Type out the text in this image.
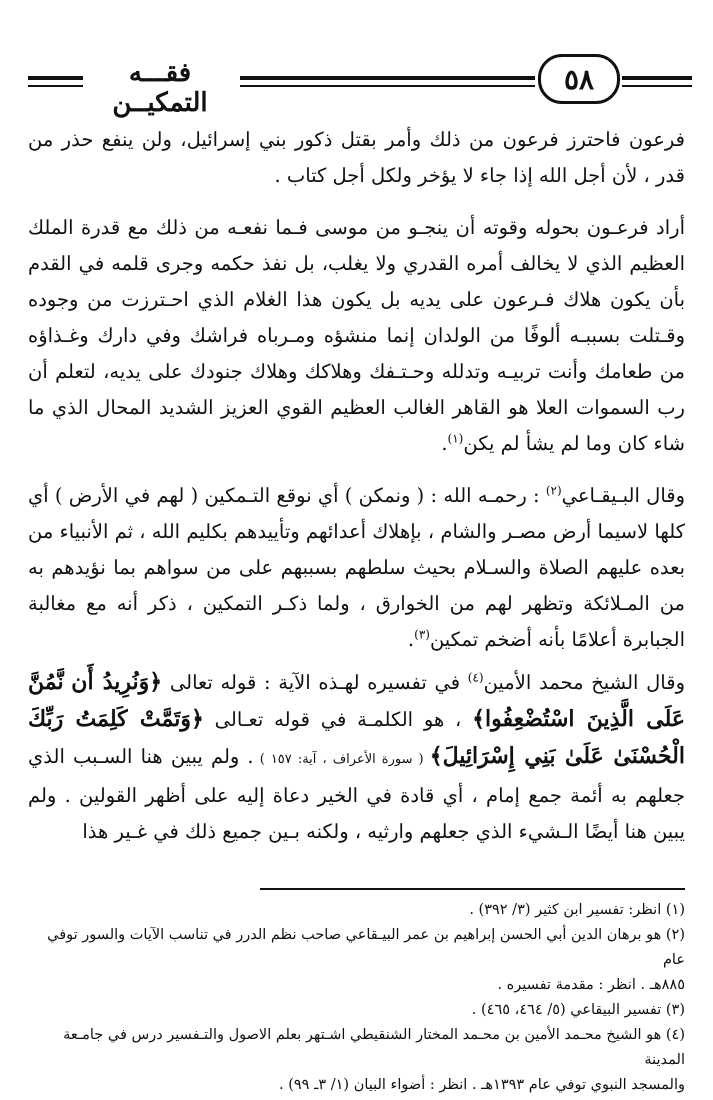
٥٨
فقـــه التمكيــن

فرعون فاحترز فرعون من ذلك وأمر بقتل ذكور بني إسرائيل، ولن ينفع حذر من قدر ، لأن أجل الله إذا جاء لا يؤخر ولكل أجل كتاب .

أراد فرعـون بحوله وقوته أن ينجـو من موسى فـما نفعـه من ذلك مع قدرة الملك العظيم الذي لا يخالف أمره القدري ولا يغلب، بل نفذ حكمه وجرى قلمه في القدم بأن يكون هلاك فـرعون على يديه بل يكون هذا الغلام الذي احـترزت من وجوده وقـتلت بسببـه ألوفًا من الولدان إنما منشؤه ومـرباه فراشك وفي دارك وغـذاؤه من طعامك وأنت تربيـه وتدلله وحـتـفك وهلاكك وهلاك جنودك على يديه، لتعلم أن رب السموات العلا هو القاهر الغالب العظيم القوي العزيز الشديد المحال الذي ما شاء كان وما لم يشأ لم يكن$^{(١)}$.

وقال البـيقـاعي$^{(٢)}$ : رحمـه الله : ( ونمكن ) أي نوقع التـمكين ( لهم في الأرض ) أي كلها لاسيما أرض مصـر والشام ، بإهلاك أعدائهم وتأييدهم بكليم الله ، ثم الأنبياء من بعده عليهم الصلاة والسـلام بحيث سلطهم بسببهم على من سواهم بما نؤيدهم به من المـلائكة وتظهر لهم من الخوارق ، ولما ذكـر التمكين ، ذكر أنه مع مغالبة الجبابرة أعلامًا بأنه أضخم تمكين$^{(٣)}$.

وقال الشيخ محمد الأمين$^{(٤)}$ في تفسيره لهـذه الآية : قوله تعالى ﴿وَنُرِيدُ أَن نَّمُنَّ عَلَى الَّذِينَ اسْتُضْعِفُوا﴾ ، هو الكلمـة في قوله تعـالى ﴿وَتَمَّتْ كَلِمَتُ رَبِّكَ الْحُسْنَىٰ عَلَىٰ بَنِي إِسْرَائِيلَ﴾ ( سورة الأعراف ، آية: ١٥٧ ) . ولم يبين هنا السـبب الذي جعلهم به أئمة جمع إمام ، أي قادة في الخير دعاة إليه على أظهر القولين . ولم يبين هنا أيضًا الـشيء الذي جعلهم وارثيه ، ولكنه بـين جميع ذلك في غـير هذا

(١) انظر: تفسير ابن كثير (٣/ ٣٩٢) .

(٢) هو برهان الدين أبي الحسن إبراهيم بن عمر البيـقاعي صاحب نظم الدرر في تناسب الآيات والسور توفي عام

٨٨٥هـ . انظر : مقدمة تفسيره .

(٣) تفسير البيقاعي (٥/ ٤٦٤، ٤٦٥) .

(٤) هو الشيخ محـمد الأمين بن محـمد المختار الشنقيطي اشـتهر بعلم الاصول والتـفسير درس في جامـعة المدينة

والمسجد النبوي توفي عام ١٣٩٣هـ . انظر : أضواء البيان (١/ ٣ـ ٩٩) .
